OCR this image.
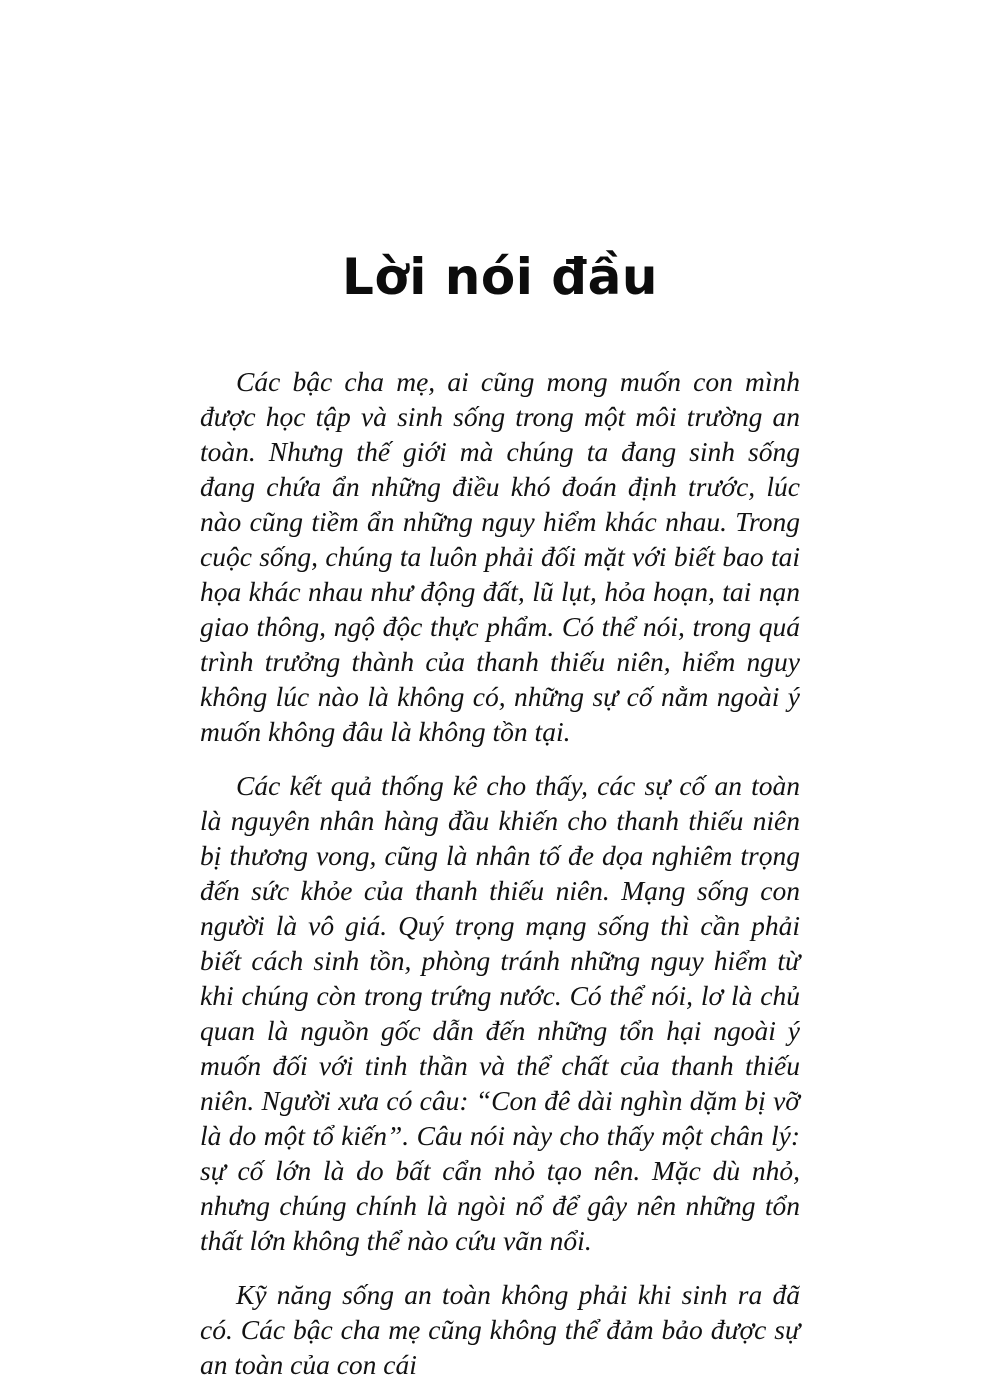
Lời nói đầu

Các bậc cha mẹ, ai cũng mong muốn con mình được học tập và sinh sống trong một môi trường an toàn. Nhưng thế giới mà chúng ta đang sinh sống đang chứa ẩn những điều khó đoán định trước, lúc nào cũng tiềm ẩn những nguy hiểm khác nhau. Trong cuộc sống, chúng ta luôn phải đối mặt với biết bao tai họa khác nhau như động đất, lũ lụt, hỏa hoạn, tai nạn giao thông, ngộ độc thực phẩm. Có thể nói, trong quá trình trưởng thành của thanh thiếu niên, hiểm nguy không lúc nào là không có, những sự cố nằm ngoài ý muốn không đâu là không tồn tại.

Các kết quả thống kê cho thấy, các sự cố an toàn là nguyên nhân hàng đầu khiến cho thanh thiếu niên bị thương vong, cũng là nhân tố đe dọa nghiêm trọng đến sức khỏe của thanh thiếu niên. Mạng sống con người là vô giá. Quý trọng mạng sống thì cần phải biết cách sinh tồn, phòng tránh những nguy hiểm từ khi chúng còn trong trứng nước. Có thể nói, lơ là chủ quan là nguồn gốc dẫn đến những tổn hại ngoài ý muốn đối với tinh thần và thể chất của thanh thiếu niên. Người xưa có câu: “Con đê dài nghìn dặm bị vỡ là do một tổ kiến”. Câu nói này cho thấy một chân lý: sự cố lớn là do bất cẩn nhỏ tạo nên. Mặc dù nhỏ, nhưng chúng chính là ngòi nổ để gây nên những tổn thất lớn không thể nào cứu vãn nổi.

Kỹ năng sống an toàn không phải khi sinh ra đã có. Các bậc cha mẹ cũng không thể đảm bảo được sự an toàn của con cái
